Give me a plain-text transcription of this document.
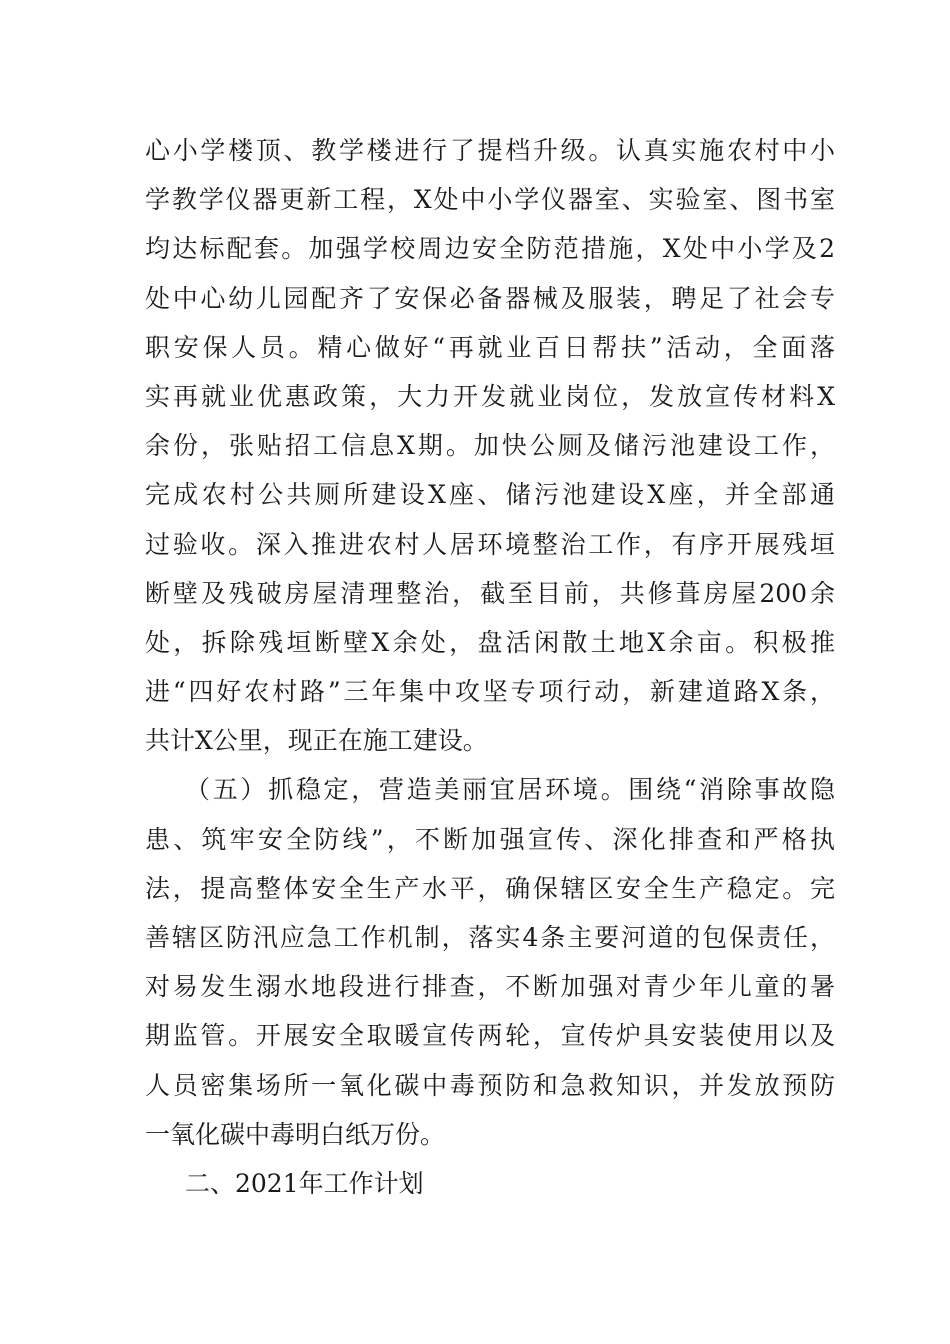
心小学楼顶、教学楼进行了提档升级。认真实施农村中小
学教学仪器更新工程，X处中小学仪器室、实验室、图书室
均达标配套。加强学校周边安全防范措施，X处中小学及2
处中心幼儿园配齐了安保必备器械及服装，聘足了社会专
职安保人员。精心做好“再就业百日帮扶”活动，全面落
实再就业优惠政策，大力开发就业岗位，发放宣传材料X
余份，张贴招工信息X期。加快公厕及储污池建设工作，
完成农村公共厕所建设X座、储污池建设X座，并全部通
过验收。深入推进农村人居环境整治工作，有序开展残垣
断壁及残破房屋清理整治，截至目前，共修葺房屋200余
处，拆除残垣断壁X余处，盘活闲散土地X余亩。积极推
进“四好农村路”三年集中攻坚专项行动，新建道路X条，
共计X公里，现正在施工建设。
（五）抓稳定，营造美丽宜居环境。围绕“消除事故隐
患、筑牢安全防线”，不断加强宣传、深化排查和严格执
法，提高整体安全生产水平，确保辖区安全生产稳定。完
善辖区防汛应急工作机制，落实4条主要河道的包保责任，
对易发生溺水地段进行排查，不断加强对青少年儿童的暑
期监管。开展安全取暖宣传两轮，宣传炉具安装使用以及
人员密集场所一氧化碳中毒预防和急救知识，并发放预防
一氧化碳中毒明白纸万份。
二、2021年工作计划
